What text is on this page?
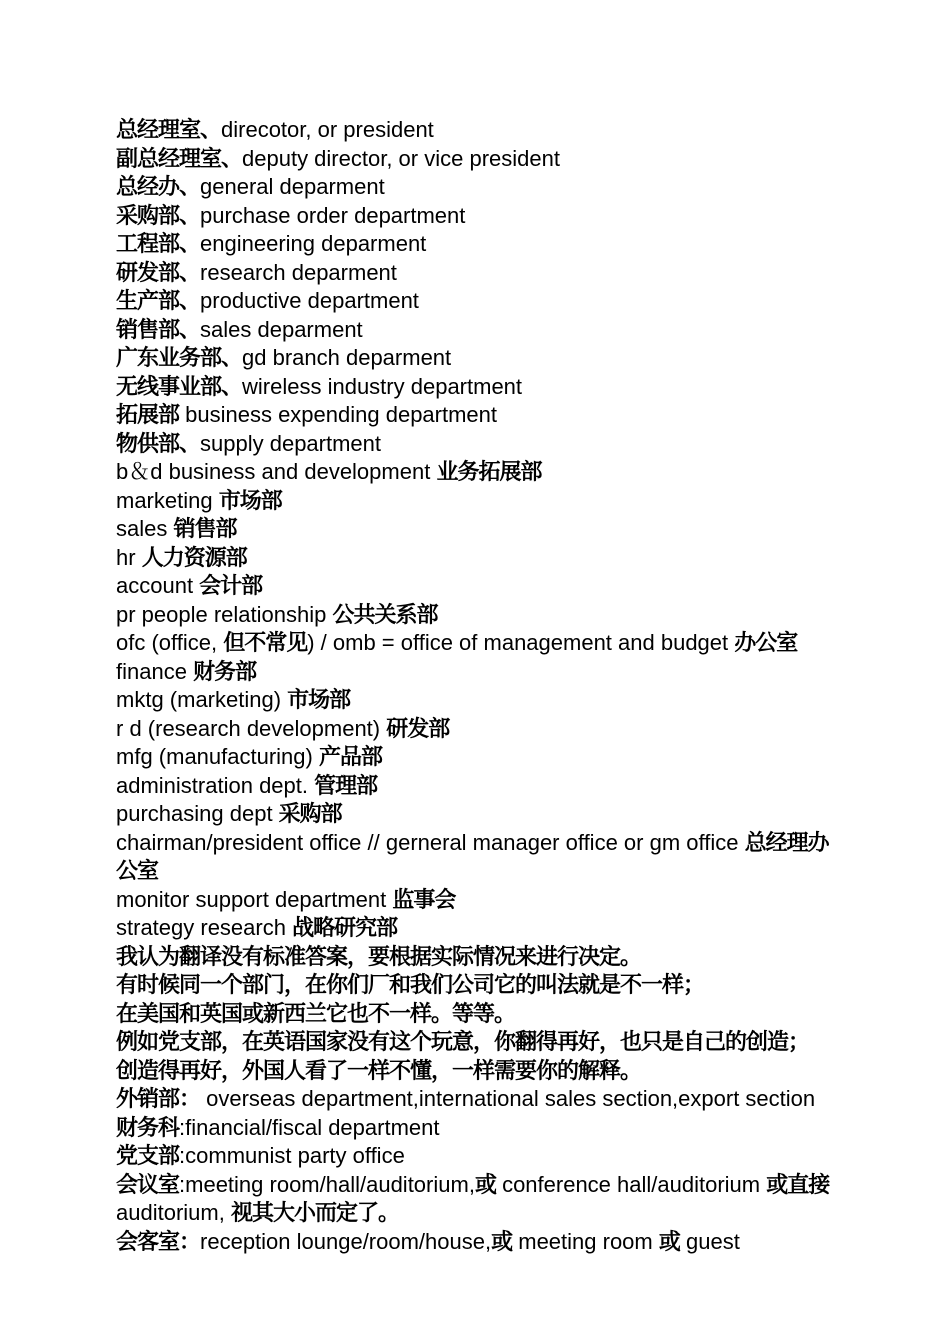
总经理室、direcotor, or president
副总经理室、deputy director, or vice president
总经办、general deparment
采购部、purchase order department
工程部、engineering deparment
研发部、research deparment
生产部、productive department
销售部、sales deparment
广东业务部、gd branch deparment
无线事业部、wireless industry department
拓展部 business expending department
物供部、supply department
b＆d business and development 业务拓展部
marketing 市场部
sales 销售部
hr 人力资源部
account 会计部
pr people relationship 公共关系部
ofc (office, 但不常见) / omb = office of management and budget 办公室 finance 财务部
mktg (marketing) 市场部
r d (research development) 研发部
mfg (manufacturing) 产品部
administration dept. 管理部
purchasing dept 采购部
chairman/president office // gerneral manager office or gm office 总经理办公室
monitor support department 监事会
strategy research 战略研究部
我认为翻译没有标准答案，要根据实际情况来进行决定。
有时候同一个部门，在你们厂和我们公司它的叫法就是不一样；
在美国和英国或新西兰它也不一样。等等。
例如党支部，在英语国家没有这个玩意，你翻得再好，也只是自己的创造； 创造得再好，外国人看了一样不懂，一样需要你的解释。
外销部： overseas department,international sales section,export section 财务科:financial/fiscal department
党支部:communist party office
会议室:meeting room/hall/auditorium,或 conference hall/auditorium 或直接 auditorium, 视其大小而定了。
会客室：reception lounge/room/house,或 meeting room 或 guest
